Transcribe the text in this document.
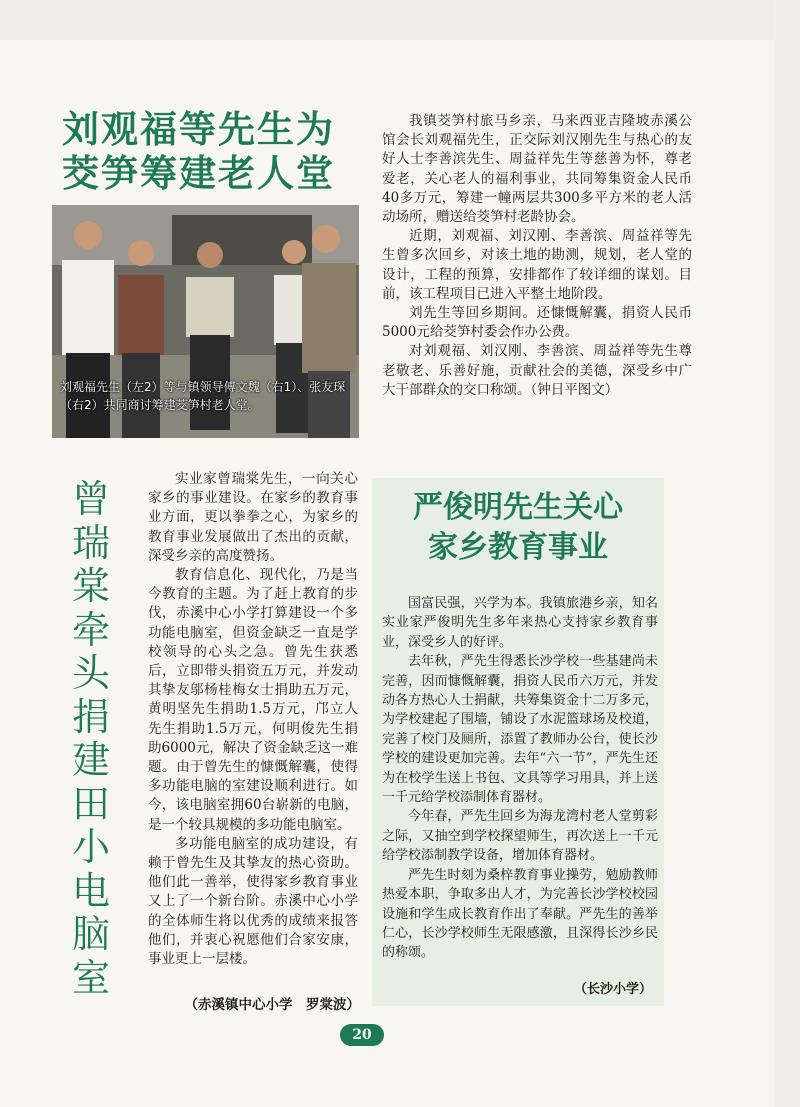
刘观福等先生为
茭笋筹建老人堂
刘观福先生（左2）等与镇领导傅文魏（右1）、张友琛（右2）共同商讨筹建茭笋村老人堂。

我镇茭笋村旅马乡亲，马来西亚吉隆坡赤溪公馆会长刘观福先生，正交际刘汉刚先生与热心的友好人士李善滨先生、周益祥先生等慈善为怀，尊老爱老，关心老人的福利事业，共同筹集资金人民币40多万元，筹建一幢两层共300多平方米的老人活动场所，赠送给茭笋村老龄协会。

近期，刘观福、刘汉刚、李善滨、周益祥等先生曾多次回乡，对该土地的勘测，规划，老人堂的设计，工程的预算，安排都作了较详细的谋划。目前，该工程项目已进入平整土地阶段。

刘先生等回乡期间。还慷慨解囊，捐资人民币5000元给茭笋村委会作办公费。

对刘观福、刘汉刚、李善滨、周益祥等先生尊老敬老、乐善好施，贡献社会的美德，深受乡中广大干部群众的交口称颂。（钟日平图文）

曾
瑞
棠
牵
头
捐
建
田
小
电
脑
室

实业家曾瑞棠先生，一向关心家乡的事业建设。在家乡的教育事业方面，更以拳拳之心，为家乡的教育事业发展做出了杰出的贡献，深受乡亲的高度赞扬。

教育信息化、现代化，乃是当今教育的主题。为了赶上教育的步伐，赤溪中心小学打算建设一个多功能电脑室，但资金缺乏一直是学校领导的心头之急。曾先生获悉后，立即带头捐资五万元，并发动其挚友邬杨桂梅女士捐助五万元，黄明坚先生捐助1.5万元，邝立人先生捐助1.5万元，何明俊先生捐助6000元，解决了资金缺乏这一难题。由于曾先生的慷慨解囊，使得多功能电脑的室建设顺利进行。如今，该电脑室拥60台崭新的电脑，是一个较具规模的多功能电脑室。

多功能电脑室的成功建设，有赖于曾先生及其挚友的热心资助。他们此一善举，使得家乡教育事业又上了一个新台阶。赤溪中心小学的全体师生将以优秀的成绩来报答他们，并衷心祝愿他们合家安康，事业更上一层楼。

（赤溪镇中心小学　罗棠波）
严俊明先生关心
家乡教育事业

国富民强，兴学为本。我镇旅港乡亲，知名实业家严俊明先生多年来热心支持家乡教育事业，深受乡人的好评。

去年秋，严先生得悉长沙学校一些基建尚未完善，因而慷慨解囊，捐资人民币六万元，并发动各方热心人士捐献，共筹集资金十二万多元，为学校建起了围墙，铺设了水泥篮球场及校道，完善了校门及厕所，添置了教师办公台，使长沙学校的建设更加完善。去年“六一节”，严先生还为在校学生送上书包、文具等学习用具，并上送一千元给学校添制体育器材。

今年春，严先生回乡为海龙湾村老人堂剪彩之际，又抽空到学校探望师生，再次送上一千元给学校添制教学设备，增加体育器材。

严先生时刻为桑梓教育事业操劳，勉励教师热爱本职，争取多出人才，为完善长沙学校校园设施和学生成长教育作出了奉献。严先生的善举仁心，长沙学校师生无限感激，且深得长沙乡民的称颂。

（长沙小学）
20
